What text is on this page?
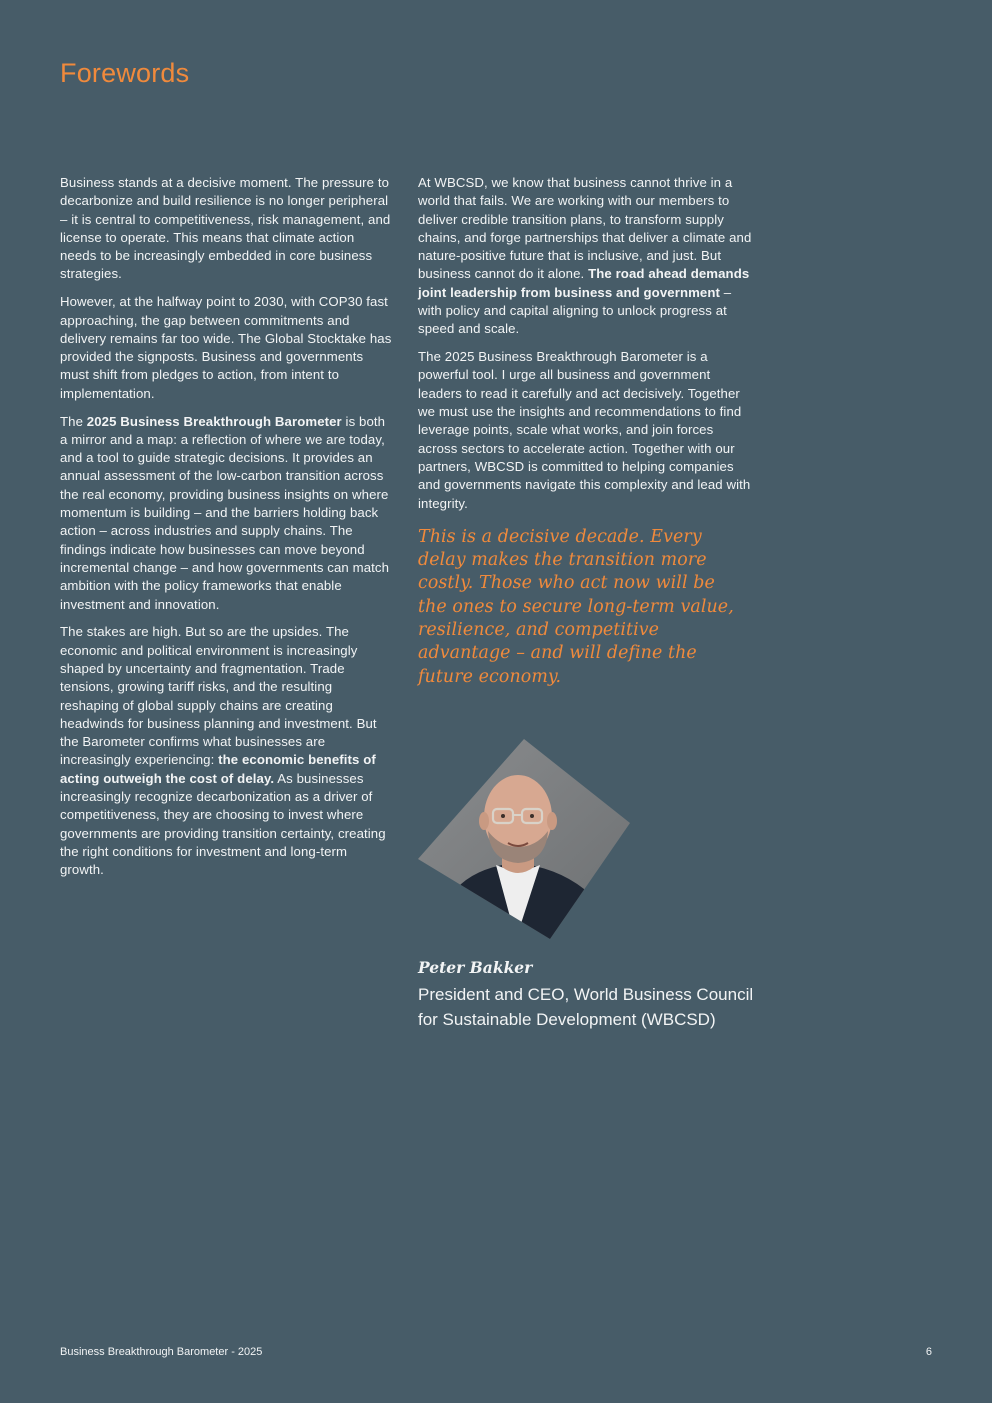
Forewords

Business stands at a decisive moment. The pressure to decarbonize and build resilience is no longer peripheral – it is central to competitiveness, risk management, and license to operate. This means that climate action needs to be increasingly embedded in core business strategies.

However, at the halfway point to 2030, with COP30 fast approaching, the gap between commitments and delivery remains far too wide. The Global Stocktake has provided the signposts. Business and governments must shift from pledges to action, from intent to implementation.

The 2025 Business Breakthrough Barometer is both a mirror and a map: a reflection of where we are today, and a tool to guide strategic decisions. It provides an annual assessment of the low-carbon transition across the real economy, providing business insights on where momentum is building – and the barriers holding back action – across industries and supply chains. The findings indicate how businesses can move beyond incremental change – and how governments can match ambition with the policy frameworks that enable investment and innovation.

The stakes are high. But so are the upsides. The economic and political environment is increasingly shaped by uncertainty and fragmentation. Trade tensions, growing tariff risks, and the resulting reshaping of global supply chains are creating headwinds for business planning and investment. But the Barometer confirms what businesses are increasingly experiencing: the economic benefits of acting outweigh the cost of delay. As businesses increasingly recognize decarbonization as a driver of competitiveness, they are choosing to invest where governments are providing transition certainty, creating the right conditions for investment and long-term growth.

At WBCSD, we know that business cannot thrive in a world that fails. We are working with our members to deliver credible transition plans, to transform supply chains, and forge partnerships that deliver a climate and nature-positive future that is inclusive, and just. But business cannot do it alone. The road ahead demands joint leadership from business and government – with policy and capital aligning to unlock progress at speed and scale.

The 2025 Business Breakthrough Barometer is a powerful tool. I urge all business and government leaders to read it carefully and act decisively. Together we must use the insights and recommendations to find leverage points, scale what works, and join forces across sectors to accelerate action. Together with our partners, WBCSD is committed to helping companies and governments navigate this complexity and lead with integrity.

This is a decisive decade. Every delay makes the transition more costly. Those who act now will be the ones to secure long-term value, resilience, and competitive advantage – and will define the future economy.
Peter Bakker
President and CEO, World Business Council for Sustainable Development (WBCSD)
Business Breakthrough Barometer - 2025	6
